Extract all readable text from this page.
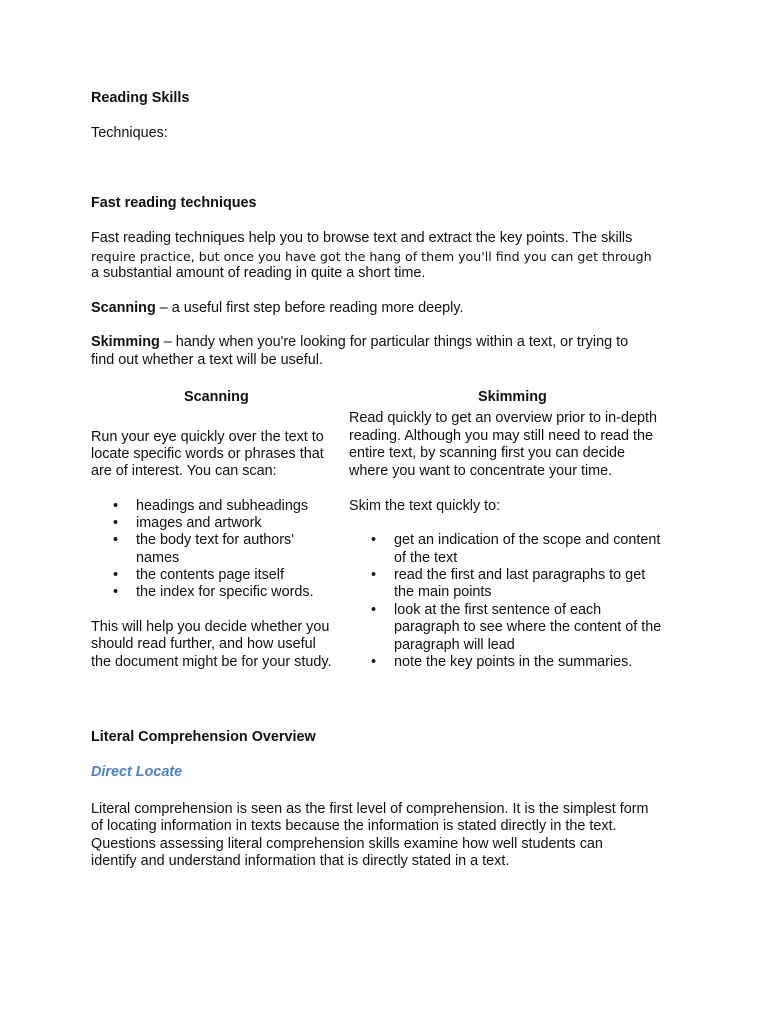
Reading Skills

Techniques:

Fast reading techniques

Fast reading techniques help you to browse text and extract the key points. The skills

require practice, but once you have got the hang of them you'll find you can get through

a substantial amount of reading in quite a short time.

Scanning – a useful first step before reading more deeply.

Skimming – handy when you're looking for particular things within a text, or trying to

find out whether a text will be useful.

Scanning

Run your eye quickly over the text to

locate specific words or phrases that

are of interest. You can scan:

• headings and subheadings

• images and artwork

• the body text for authors'

names

• the contents page itself

• the index for specific words.

This will help you decide whether you

should read further, and how useful

the document might be for your study.

Skimming

Read quickly to get an overview prior to in-depth

reading. Although you may still need to read the

entire text, by scanning first you can decide

where you want to concentrate your time.

Skim the text quickly to:

• get an indication of the scope and content

of the text

• read the first and last paragraphs to get

the main points

• look at the first sentence of each

paragraph to see where the content of the

paragraph will lead

• note the key points in the summaries.

Literal Comprehension Overview

Direct Locate

Literal comprehension is seen as the first level of comprehension. It is the simplest form

of locating information in texts because the information is stated directly in the text.

Questions assessing literal comprehension skills examine how well students can

identify and understand information that is directly stated in a text.
